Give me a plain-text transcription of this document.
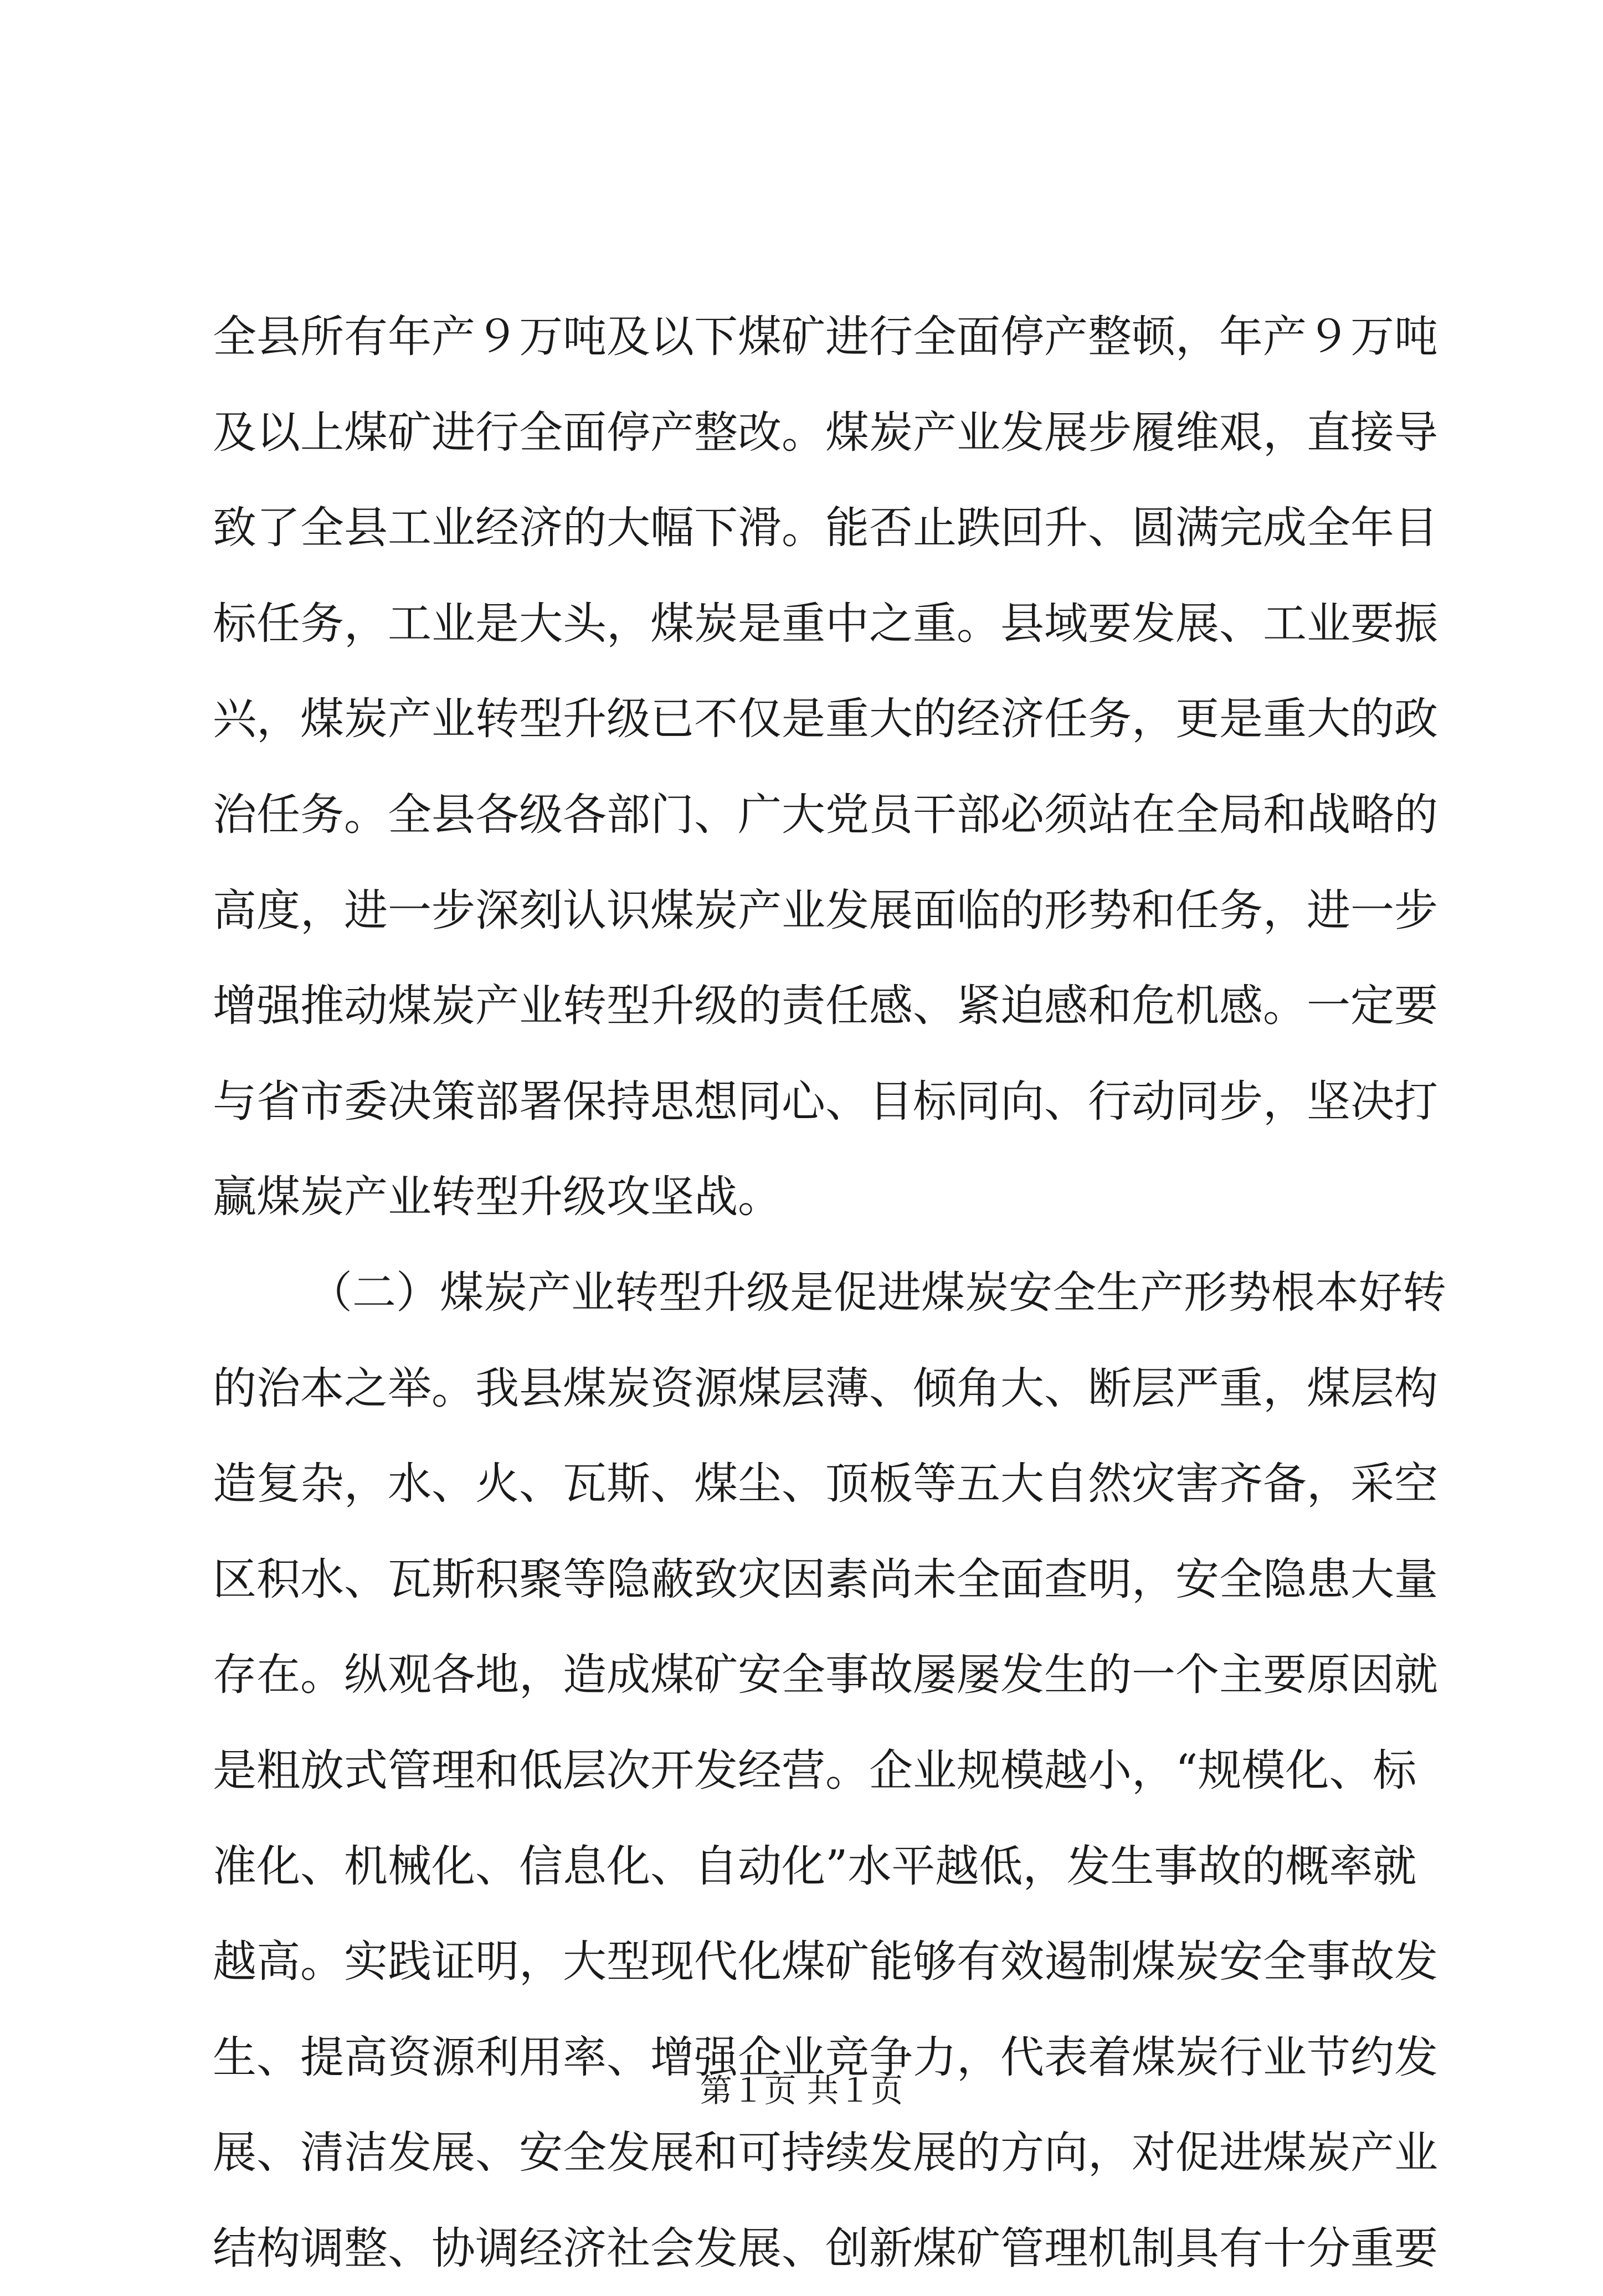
全县所有年产９万吨及以下煤矿进行全面停产整顿，年产９万吨
及以上煤矿进行全面停产整改。煤炭产业发展步履维艰，直接导
致了全县工业经济的大幅下滑。能否止跌回升、圆满完成全年目
标任务，工业是大头，煤炭是重中之重。县域要发展、工业要振
兴，煤炭产业转型升级已不仅是重大的经济任务，更是重大的政
治任务。全县各级各部门、广大党员干部必须站在全局和战略的
高度，进一步深刻认识煤炭产业发展面临的形势和任务，进一步
增强推动煤炭产业转型升级的责任感、紧迫感和危机感。一定要
与省市委决策部署保持思想同心、目标同向、行动同步，坚决打
赢煤炭产业转型升级攻坚战。
（二）煤炭产业转型升级是促进煤炭安全生产形势根本好转
的治本之举。我县煤炭资源煤层薄、倾角大、断层严重，煤层构
造复杂，水、火、瓦斯、煤尘、顶板等五大自然灾害齐备，采空
区积水、瓦斯积聚等隐蔽致灾因素尚未全面查明，安全隐患大量
存在。纵观各地，造成煤矿安全事故屡屡发生的一个主要原因就
是粗放式管理和低层次开发经营。企业规模越小，“规模化、标
准化、机械化、信息化、自动化”水平越低，发生事故的概率就
越高。实践证明，大型现代化煤矿能够有效遏制煤炭安全事故发
生、提高资源利用率、增强企业竞争力，代表着煤炭行业节约发
展、清洁发展、安全发展和可持续发展的方向，对促进煤炭产业
结构调整、协调经济社会发展、创新煤矿管理机制具有十分重要
第１页 共１页
